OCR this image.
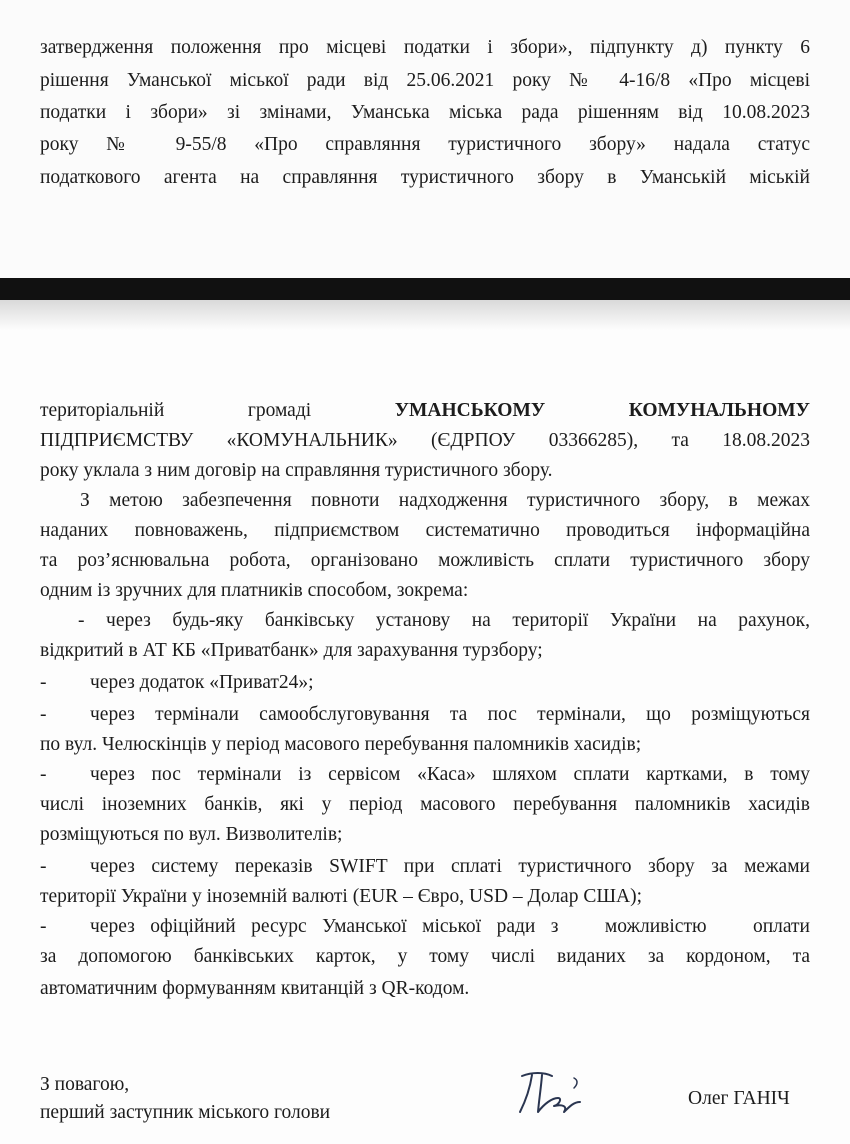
затвердження положення про місцеві податки і збори», підпункту д) пункту 6
рішення Уманської міської ради від 25.06.2021 року № 4-16/8 «Про місцеві
податки і збори» зі змінами, Уманська міська рада рішенням від 10.08.2023
року № 9-55/8 «Про справляння туристичного збору» надала статус
податкового агента на справляння туристичного збору в Уманській міській
територіальній	громаді	УМАНСЬКОМУ	КОМУНАЛЬНОМУ
ПІДПРИЄМСТВУ «КОМУНАЛЬНИК» (ЄДРПОУ 03366285), та 18.08.2023
року уклала з ним договір на справляння туристичного збору.
З метою забезпечення повноти надходження туристичного збору, в межах
наданих повноважень, підприємством систематично проводиться інформаційна
та роз’яснювальна робота, організовано можливість сплати туристичного збору
одним із зручних для платників способом, зокрема:
- через будь-яку банківську установу на території України на рахунок,
відкритий в АТ КБ «Приватбанк» для зарахування турзбору;
- через додаток «Приват24»;
- через термінали самообслуговування та пос термінали, що розміщуються
по вул. Челюскінців у період масового перебування паломників хасидів;
- через пос термінали із сервісом «Каса» шляхом сплати картками, в тому
числі іноземних банків, які у період масового перебування паломників хасидів
розміщуються по вул. Визволителів;
- через систему переказів SWIFT при сплаті туристичного збору за межами
території України у іноземній валюті (EUR – Євро, USD – Долар США);
- через офіційний ресурс Уманської міської ради з   можливістю   оплати
за допомогою банківських карток, у тому числі виданих за кордоном, та
автоматичним формуванням квитанцій з QR-кодом.
З повагою,
перший заступник міського голови
Олег ГАНІЧ
